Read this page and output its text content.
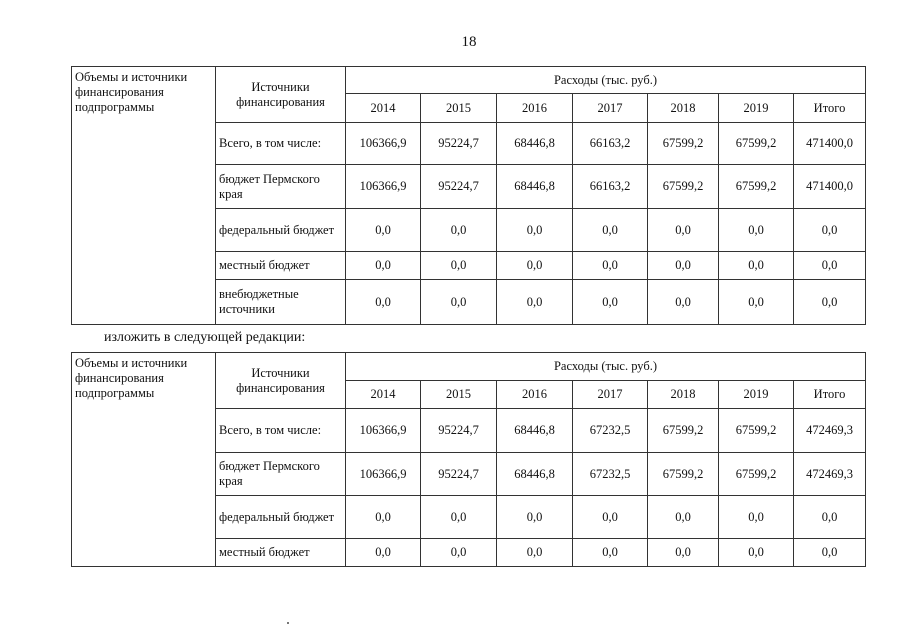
18
Объемы и источники финансирования подпрограммы	Источники финансирования	Расходы (тыс. руб.)						
		2014	2015	2016	2017	2018	2019	Итого
	Всего, в том числе:	106366,9	95224,7	68446,8	66163,2	67599,2	67599,2	471400,0
	бюджет Пермского края	106366,9	95224,7	68446,8	66163,2	67599,2	67599,2	471400,0
	федеральный бюджет	0,0	0,0	0,0	0,0	0,0	0,0	0,0
	местный бюджет	0,0	0,0	0,0	0,0	0,0	0,0	0,0
	внебюджетные источники	0,0	0,0	0,0	0,0	0,0	0,0	0,0
изложить в следующей редакции:
Объемы и источники финансирования подпрограммы	Источники финансирования	Расходы (тыс. руб.)						
		2014	2015	2016	2017	2018	2019	Итого
	Всего, в том числе:	106366,9	95224,7	68446,8	67232,5	67599,2	67599,2	472469,3
	бюджет Пермского края	106366,9	95224,7	68446,8	67232,5	67599,2	67599,2	472469,3
	федеральный бюджет	0,0	0,0	0,0	0,0	0,0	0,0	0,0
	местный бюджет	0,0	0,0	0,0	0,0	0,0	0,0	0,0
